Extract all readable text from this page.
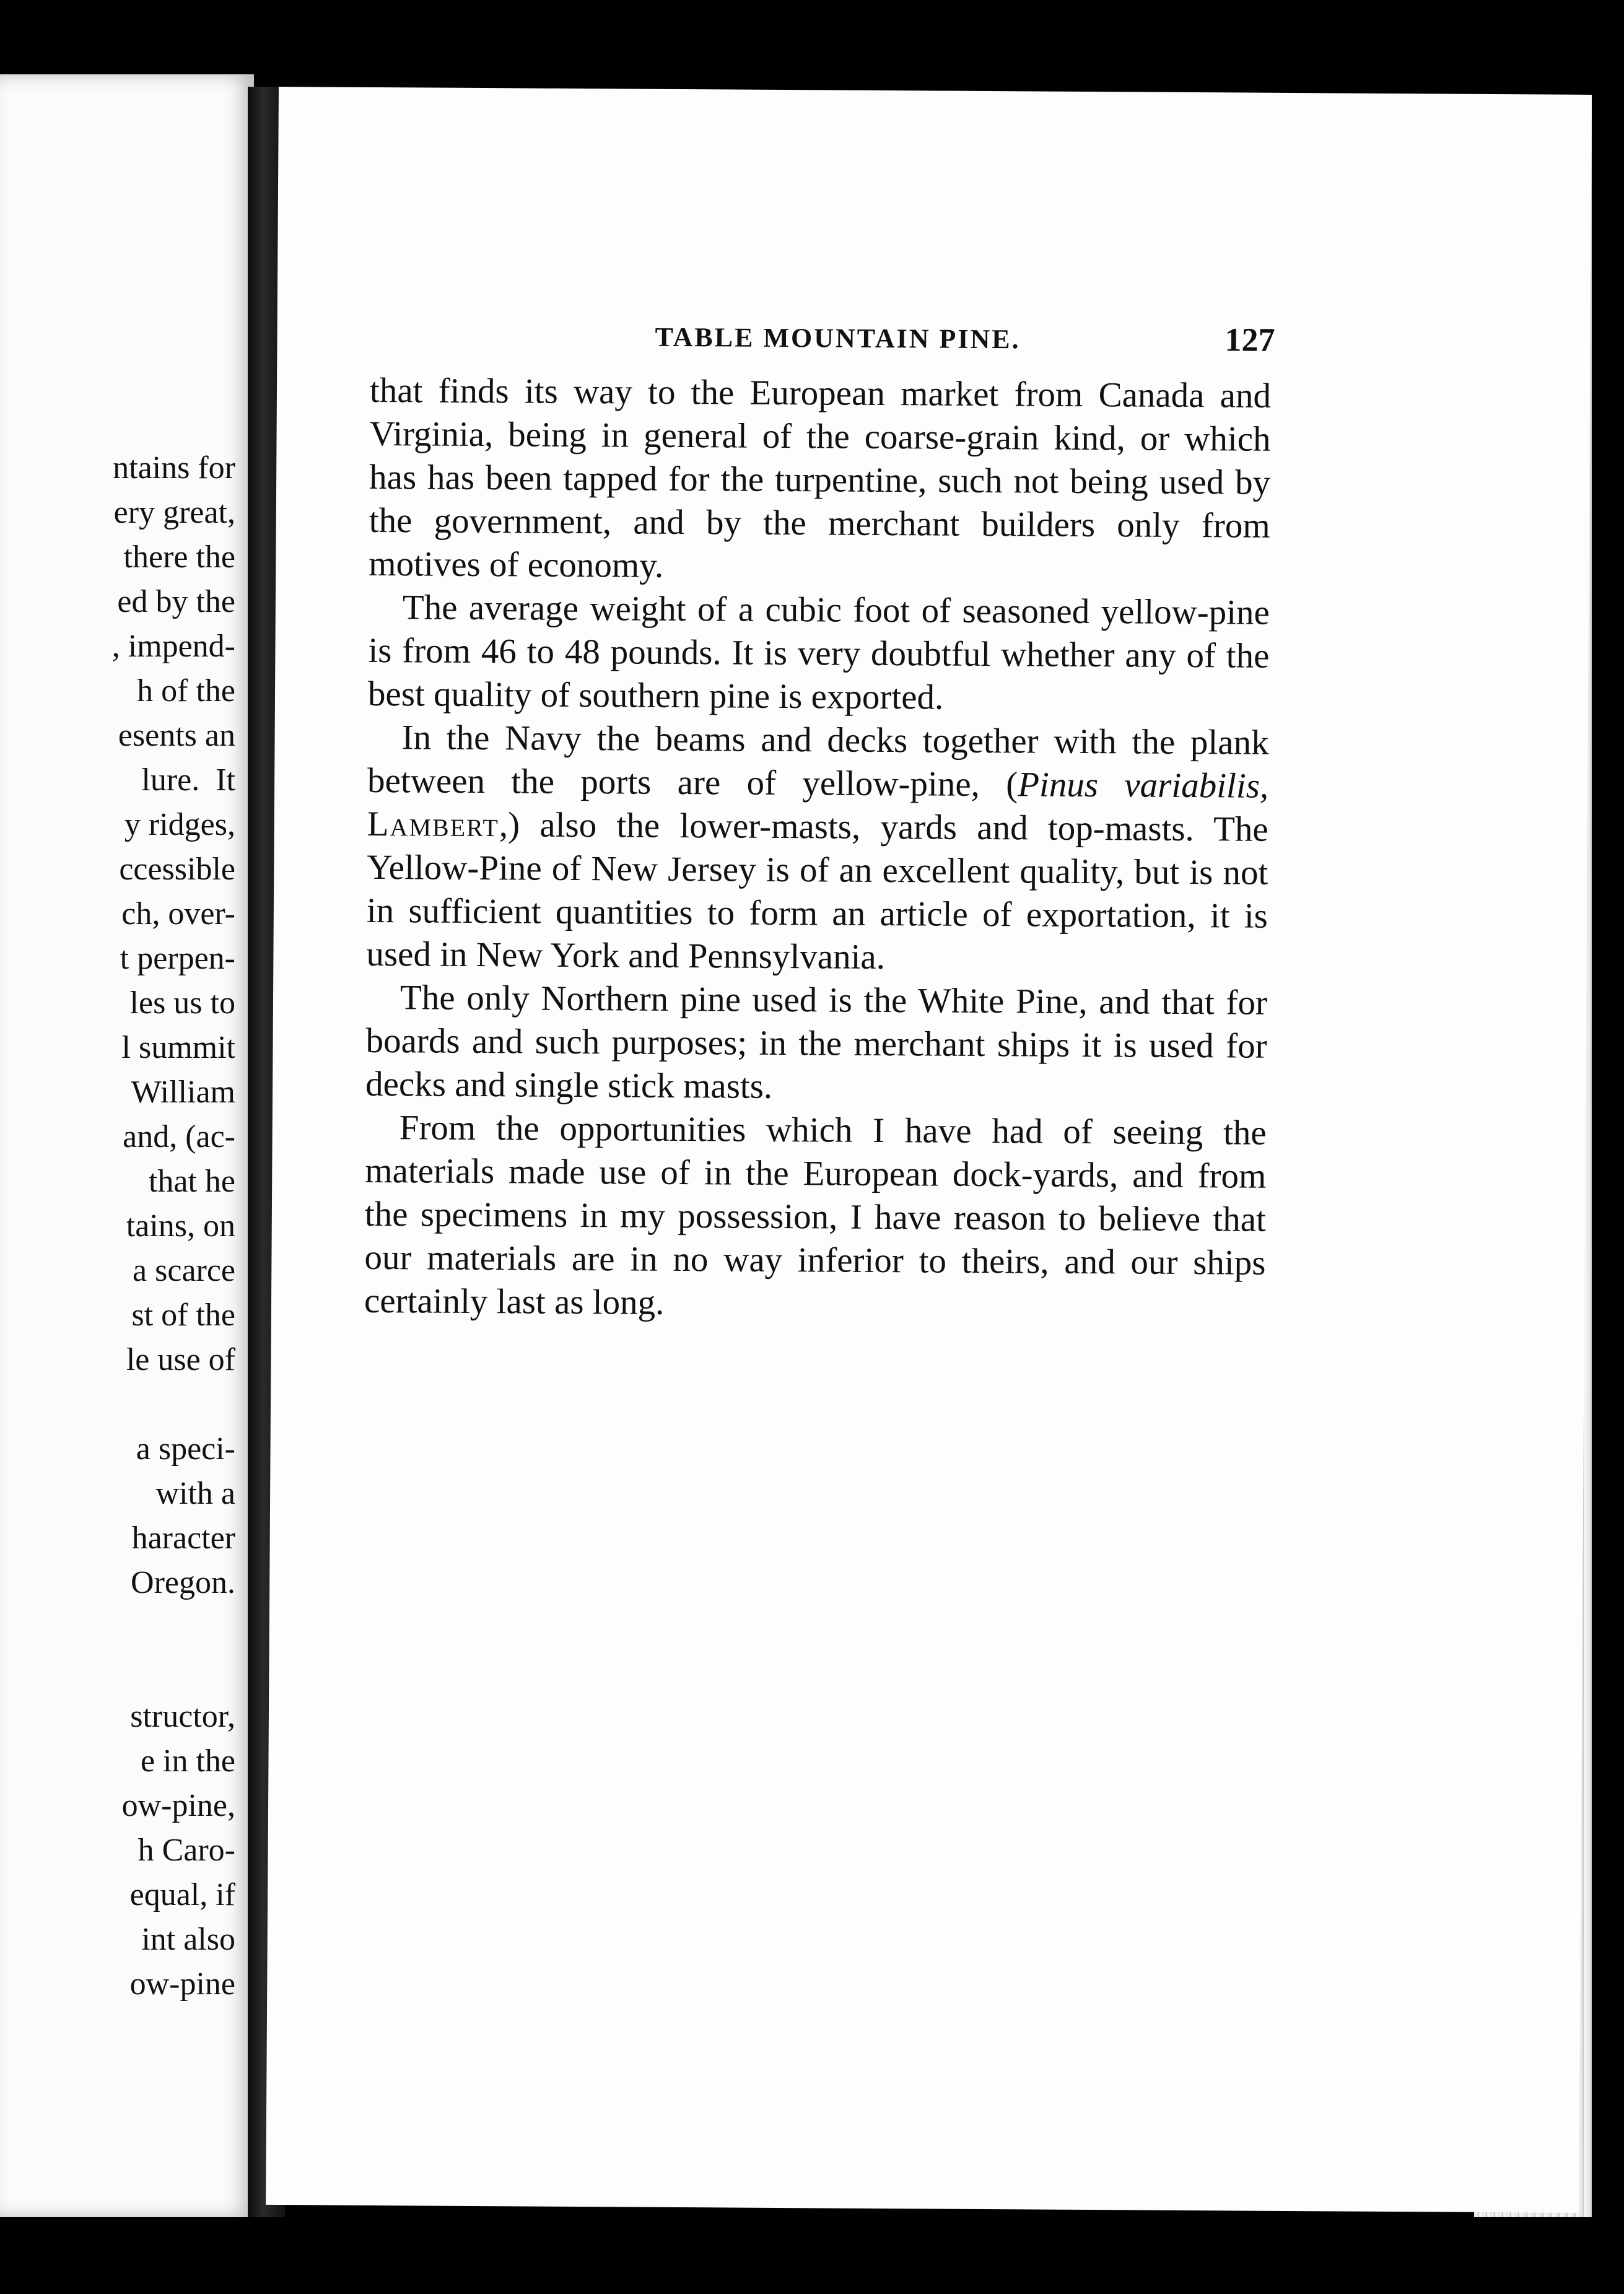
ntains for
ery great,
there the
ed by the
, impend-
h of the
esents an
lure.  It
y ridges,
ccessible
ch, over-
t perpen-
les us to
l summit
William
and, (ac-
that he
tains, on
a scarce
st of the
le use of
a speci-
with a
haracter
Oregon.
structor,
e in the
ow-pine,
h Caro-
equal, if
int also
ow-pine
TABLE MOUNTAIN PINE.	127

that finds its way to the European market from Canada and Virginia, being in general of the coarse-grain kind, or which has has been tapped for the turpentine, such not being used by the government, and by the merchant builders only from motives of economy.

The average weight of a cubic foot of seasoned yellow-pine is from 46 to 48 pounds. It is very doubtful whether any of the best quality of southern pine is exported.

In the Navy the beams and decks together with the plank between the ports are of yellow-pine, (Pinus variabilis, Lambert,) also the lower-masts, yards and top-masts. The Yellow-Pine of New Jersey is of an excellent quality, but is not in sufficient quantities to form an article of exportation, it is used in New York and Pennsylvania.

The only Northern pine used is the White Pine, and that for boards and such purposes; in the merchant ships it is used for decks and single stick masts.

From the opportunities which I have had of seeing the materials made use of in the European dock-yards, and from the specimens in my possession, I have reason to believe that our materials are in no way inferior to theirs, and our ships certainly last as long.
